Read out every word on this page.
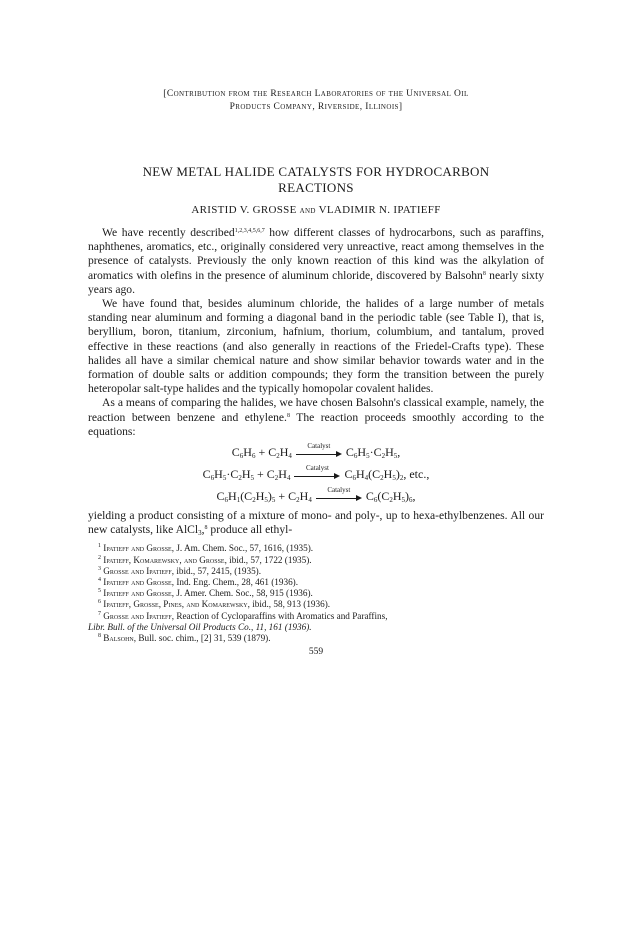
[Contribution from the Research Laboratories of the Universal Oil
Products Company, Riverside, Illinois]
NEW METAL HALIDE CATALYSTS FOR HYDROCARBON
REACTIONS
ARISTID V. GROSSE and VLADIMIR N. IPATIEFF

We have recently described$^{1,2,3,4,5,6,7}$ how different classes of hydrocarbons, such as paraffins, naphthenes, aromatics, etc., originally considered very unreactive, react among themselves in the presence of catalysts. Previously the only known reaction of this kind was the alkylation of aromatics with olefins in the presence of aluminum chloride, discovered by Balsohn$^8$ nearly sixty years ago.

We have found that, besides aluminum chloride, the halides of a large number of metals standing near aluminum and forming a diagonal band in the periodic table (see Table I), that is, beryllium, boron, titanium, zirconium, hafnium, thorium, columbium, and tantalum, proved effective in these reactions (and also generally in reactions of the Friedel-Crafts type). These halides all have a similar chemical nature and show similar behavior towards water and in the formation of double salts or addition compounds; they form the transition between the purely heteropolar salt-type halides and the typically homopolar covalent halides.

As a means of comparing the halides, we have chosen Balsohn's classical example, namely, the reaction between benzene and ethylene.$^8$ The reaction proceeds smoothly according to the equations:

$C_6H_6 + C_2H_4$
Catalyst	$C_6H_5\cdot C_2H_5$,
$C_6H_5\cdot C_2H_5 + C_2H_4$
Catalyst	$C_6H_4(C_2H_5)_2$, etc.,
$C_6H_1(C_2H_5)_5 + C_2H_4$
Catalyst	$C_6(C_2H_5)_6$,

yielding a product consisting of a mixture of mono- and poly-, up to hexa-ethylbenzenes. All our new catalysts, like AlCl$_3$,$^8$ produce all ethyl-

$^1$ Ipatieff and Grosse, J. Am. Chem. Soc., 57, 1616, (1935).
$^2$ Ipatieff, Komarewsky, and Grosse, ibid., 57, 1722 (1935).
$^3$ Grosse and Ipatieff, ibid., 57, 2415, (1935).
$^4$ Ipatieff and Grosse, Ind. Eng. Chem., 28, 461 (1936).
$^5$ Ipatieff and Grosse, J. Amer. Chem. Soc., 58, 915 (1936).
$^6$ Ipatieff, Grosse, Pines, and Komarewsky, ibid., 58, 913 (1936).
$^7$ Grosse and Ipatieff, Reaction of Cycloparaffins with Aromatics and Paraffins,
Libr. Bull. of the Universal Oil Products Co., 11, 161 (1936).
$^8$ Balsohn, Bull. soc. chim., [2] 31, 539 (1879).
559
